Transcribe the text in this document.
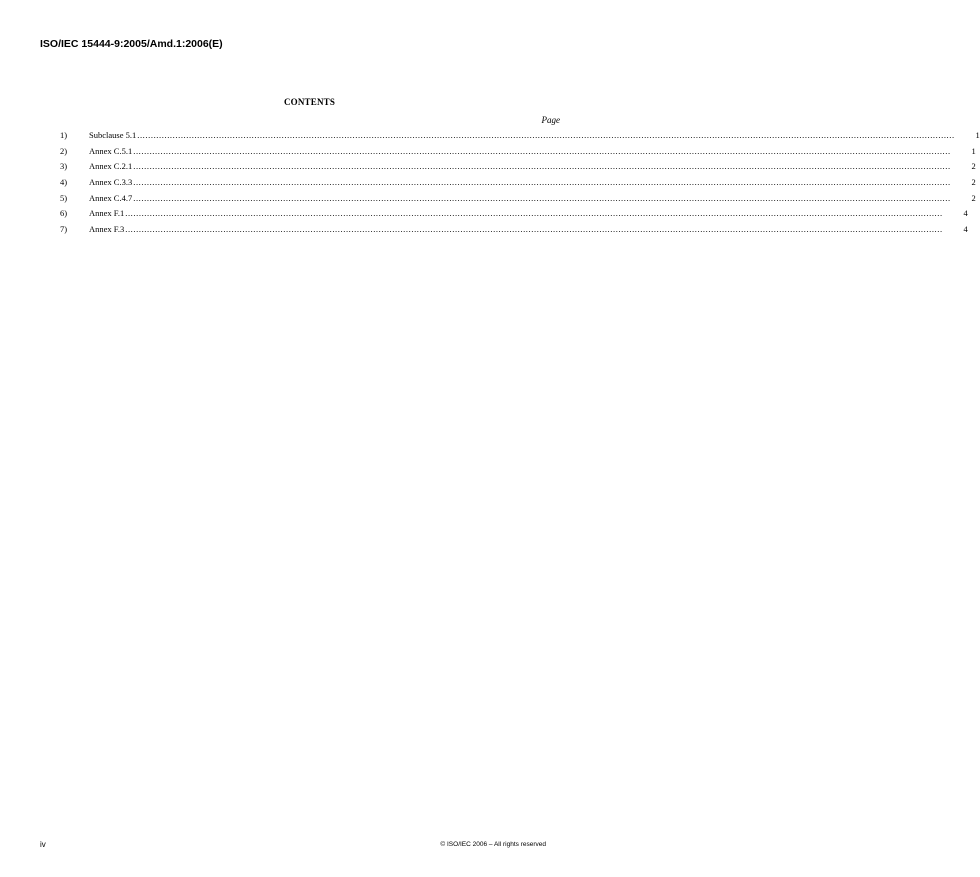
ISO/IEC 15444-9:2005/Amd.1:2006(E)
CONTENTS
Page
1)	Subclause 5.1 ............................................................................................................................................................................................................................................................................................................	1
2)	Annex C.5.1 ............................................................................................................................................................................................................................................................................................................	1
3)	Annex C.2.1 ............................................................................................................................................................................................................................................................................................................	2
4)	Annex C.3.3 ............................................................................................................................................................................................................................................................................................................	2
5)	Annex C.4.7 ............................................................................................................................................................................................................................................................................................................	2
6)	Annex F.1 ............................................................................................................................................................................................................................................................................................................	4
7)	Annex F.3 ............................................................................................................................................................................................................................................................................................................	4
iv	© ISO/IEC 2006 – All rights reserved
